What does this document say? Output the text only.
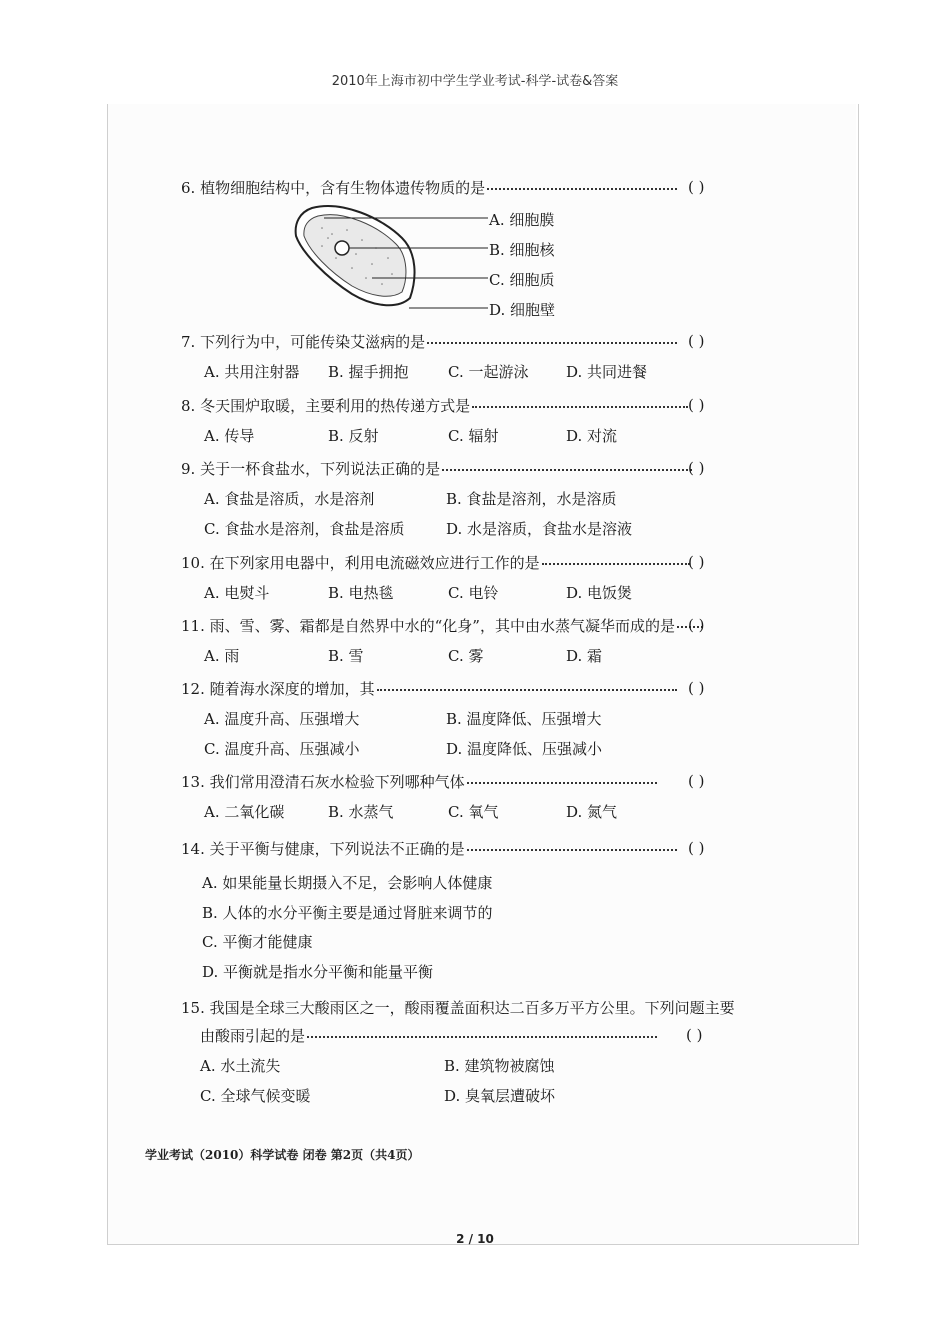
2010年上海市初中学生学业考试-科学-试卷&答案
6. 植物细胞结构中，含有生物体遗传物质的是	( )
A. 细胞膜
B. 细胞核
C. 细胞质
D. 细胞壁
7. 下列行为中，可能传染艾滋病的是	( )
A. 共用注射器 B. 握手拥抱	C. 一起游泳	D. 共同进餐
8. 冬天围炉取暖，主要利用的热传递方式是	( )
A. 传导	B. 反射	C. 辐射	D. 对流
9. 关于一杯食盐水，下列说法正确的是	( )
A. 食盐是溶质，水是溶剂	B. 食盐是溶剂，水是溶质
C. 食盐水是溶剂，食盐是溶质	D. 水是溶质，食盐水是溶液
10. 在下列家用电器中，利用电流磁效应进行工作的是	( )
A. 电熨斗	B. 电热毯	C. 电铃	D. 电饭煲
11. 雨、雪、雾、霜都是自然界中水的“化身”，其中由水蒸气凝华而成的是 ( )
A. 雨	B. 雪	C. 雾	D. 霜
12. 随着海水深度的增加，其	( )
A. 温度升高、压强增大	B. 温度降低、压强增大
C. 温度升高、压强减小	D. 温度降低、压强减小
13. 我们常用澄清石灰水检验下列哪种气体	( )
A. 二氧化碳	B. 水蒸气	C. 氧气	D. 氮气
14. 关于平衡与健康，下列说法不正确的是	( )
A. 如果能量长期摄入不足，会影响人体健康
B. 人体的水分平衡主要是通过肾脏来调节的
C. 平衡才能健康
D. 平衡就是指水分平衡和能量平衡
15. 我国是全球三大酸雨区之一，酸雨覆盖面积达二百多万平方公里。下列问题主要
由酸雨引起的是	( )
A. 水土流失	B. 建筑物被腐蚀
C. 全球气候变暖	D. 臭氧层遭破坏
学业考试（2010）科学试卷 闭卷 第2页（共4页）
2 / 10
